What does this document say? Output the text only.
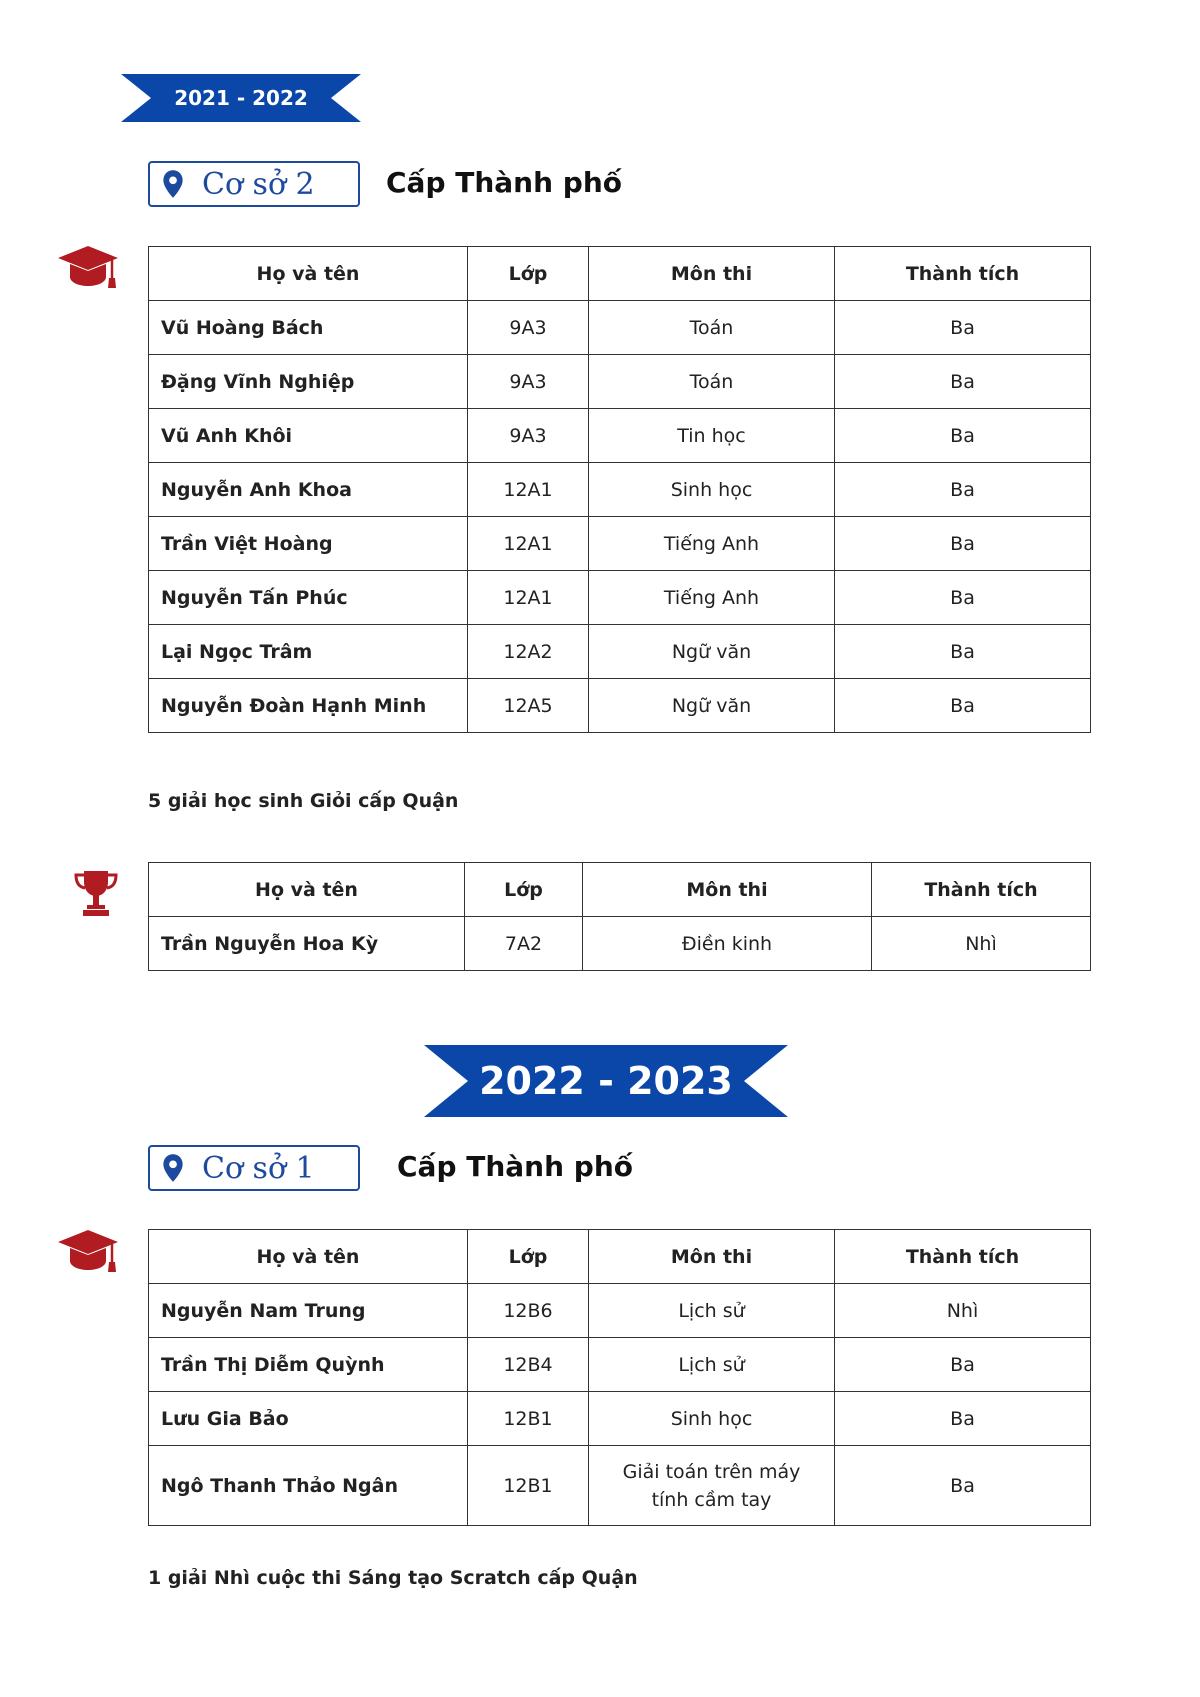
2021 - 2022
Cơ sở 2	Cấp Thành phố
Họ và tên	Lớp	Môn thi	Thành tích
Vũ Hoàng Bách	9A3	Toán	Ba
Đặng Vĩnh Nghiệp	9A3	Toán	Ba
Vũ Anh Khôi	9A3	Tin học	Ba
Nguyễn Anh Khoa	12A1	Sinh học	Ba
Trần Việt Hoàng	12A1	Tiếng Anh	Ba
Nguyễn Tấn Phúc	12A1	Tiếng Anh	Ba
Lại Ngọc Trâm	12A2	Ngữ văn	Ba
Nguyễn Đoàn Hạnh Minh	12A5	Ngữ văn	Ba
5 giải học sinh Giỏi cấp Quận
Họ và tên	Lớp	Môn thi	Thành tích
Trần Nguyễn Hoa Kỳ	7A2	Điền kinh	Nhì
2022 - 2023
Cơ sở 1	Cấp Thành phố
Họ và tên	Lớp	Môn thi	Thành tích
Nguyễn Nam Trung	12B6	Lịch sử	Nhì
Trần Thị Diễm Quỳnh	12B4	Lịch sử	Ba
Lưu Gia Bảo	12B1	Sinh học	Ba
Ngô Thanh Thảo Ngân	12B1	Giải toán trên máy tính cầm tay	Ba
1 giải Nhì cuộc thi Sáng tạo Scratch cấp Quận
